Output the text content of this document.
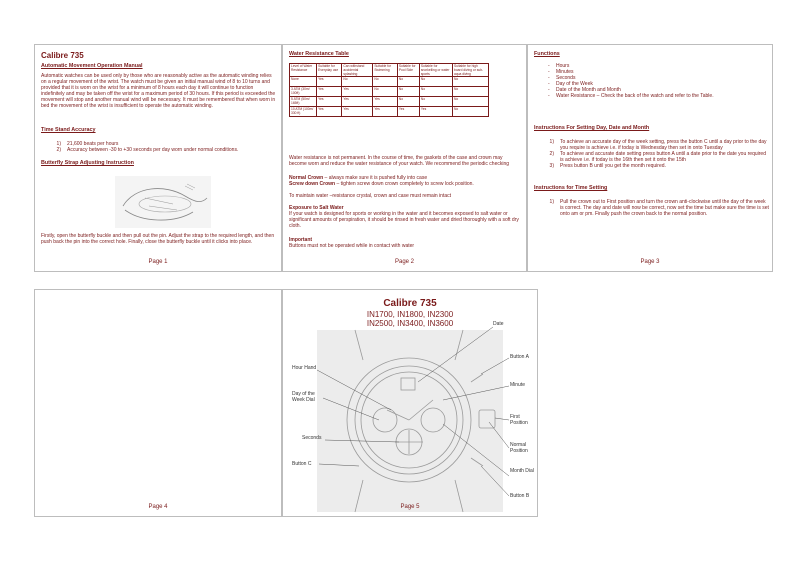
Calibre 735
Automatic Movement Operation Manual
Automatic watches can be used only by those who are reasonably active as the automatic winding relies on a regular movement of the wrist. The watch must be given an initial manual wind of 8 to 10 turns and provided that it is worn on the wrist for a minimum of 8 hours each day it will continue to function indefinitely and may be taken off the wrist for a maximum period of 30 hours. If this period is exceeded the movement will stop and another manual wind will be necessary. It must be remembered that when worn in bed the movement of the wrist is insufficient to operate the automatic winding.
Time Stand Accuracy
1)	21,600 beats per hours
2)	Accuracy between -30 to +30 seconds per day worn under normal conditions.
Butterfly Strap Adjusting Instruction
Firstly, open the butterfly buckle and then pull out the pin. Adjust the strap to the required length, and then push back the pin into the correct hole. Finally, close the butterfly buckle until it clicks into place.
Page 1
Water Resistance Table
Level of Water Resistance	Suitable for Everyday use	Can withstand accidental splashing	Suitable for Swimming	Suitable for Pool Side	Suitable for snorkelling or water sports	Suitable for high board diving or sub-aqua diving
None	Yes	No	No	No	No	No
3 ATM (30m/ 100ft)	Yes	Yes	No	No	No	No
5 ATM (50m/ 165ft)	Yes	Yes	Yes	No	No	No
10 ATM (100m/ 330 ft)	Yes	Yes	Yes	Yes	Yes	No
Water resistance is not permanent. In the course of time, the gaskets of the case and crown may become worn and reduce the water resistance of your watch. We recommend the periodic checking
Normal Crown – always make sure it is pushed fully into case
Screw down Crown – tighten screw down crown completely to screw lock position.
To maintain water –resistance crystal, crown and case must remain intact
Exposure to Salt Water
If your watch is designed for sports or working in the water and it becomes exposed to salt water or significant amounts of perspiration, it should be rinsed in fresh water and dried thoroughly with a soft dry cloth.
Important
Buttons must not be operated while in contact with water
Page 2
Functions
-	Hours
-	Minutes
-	Seconds
-	Day of the Week
-	Date of the Month and Month
-	Water Resistance – Check the back of the watch and refer to the Table.
Instructions For Setting Day, Date and Month
1)	To achieve an accurate day of the week setting, press the button C until a day prior to the day you require is achieve i.e. if today is Wednesday then set in onto Tuesday
2)	To achieve and accurate date setting press button A until a date prior to the date you required is achieve i.e. if today is the 16th then set it onto the 15th
3)	Press button B until you get the month required.
Instructions for Time Setting
1)	Pull the crown out to First position and turn the crown anti-clockwise until the day of the week is correct. The day and date will now be correct, now set the time but make sure the time is set onto am or pm. Finally push the crown back to the normal position.
Page 3
Page 4
Calibre 735
IN1700, IN1800, IN2300
IN2500, IN3400, IN3600	Date
Button A
Minute
First Position
Normal Position
Month Dial
Button B
Hour Hand
Day of the Week Dial
Seconds
Button C
Page 5
